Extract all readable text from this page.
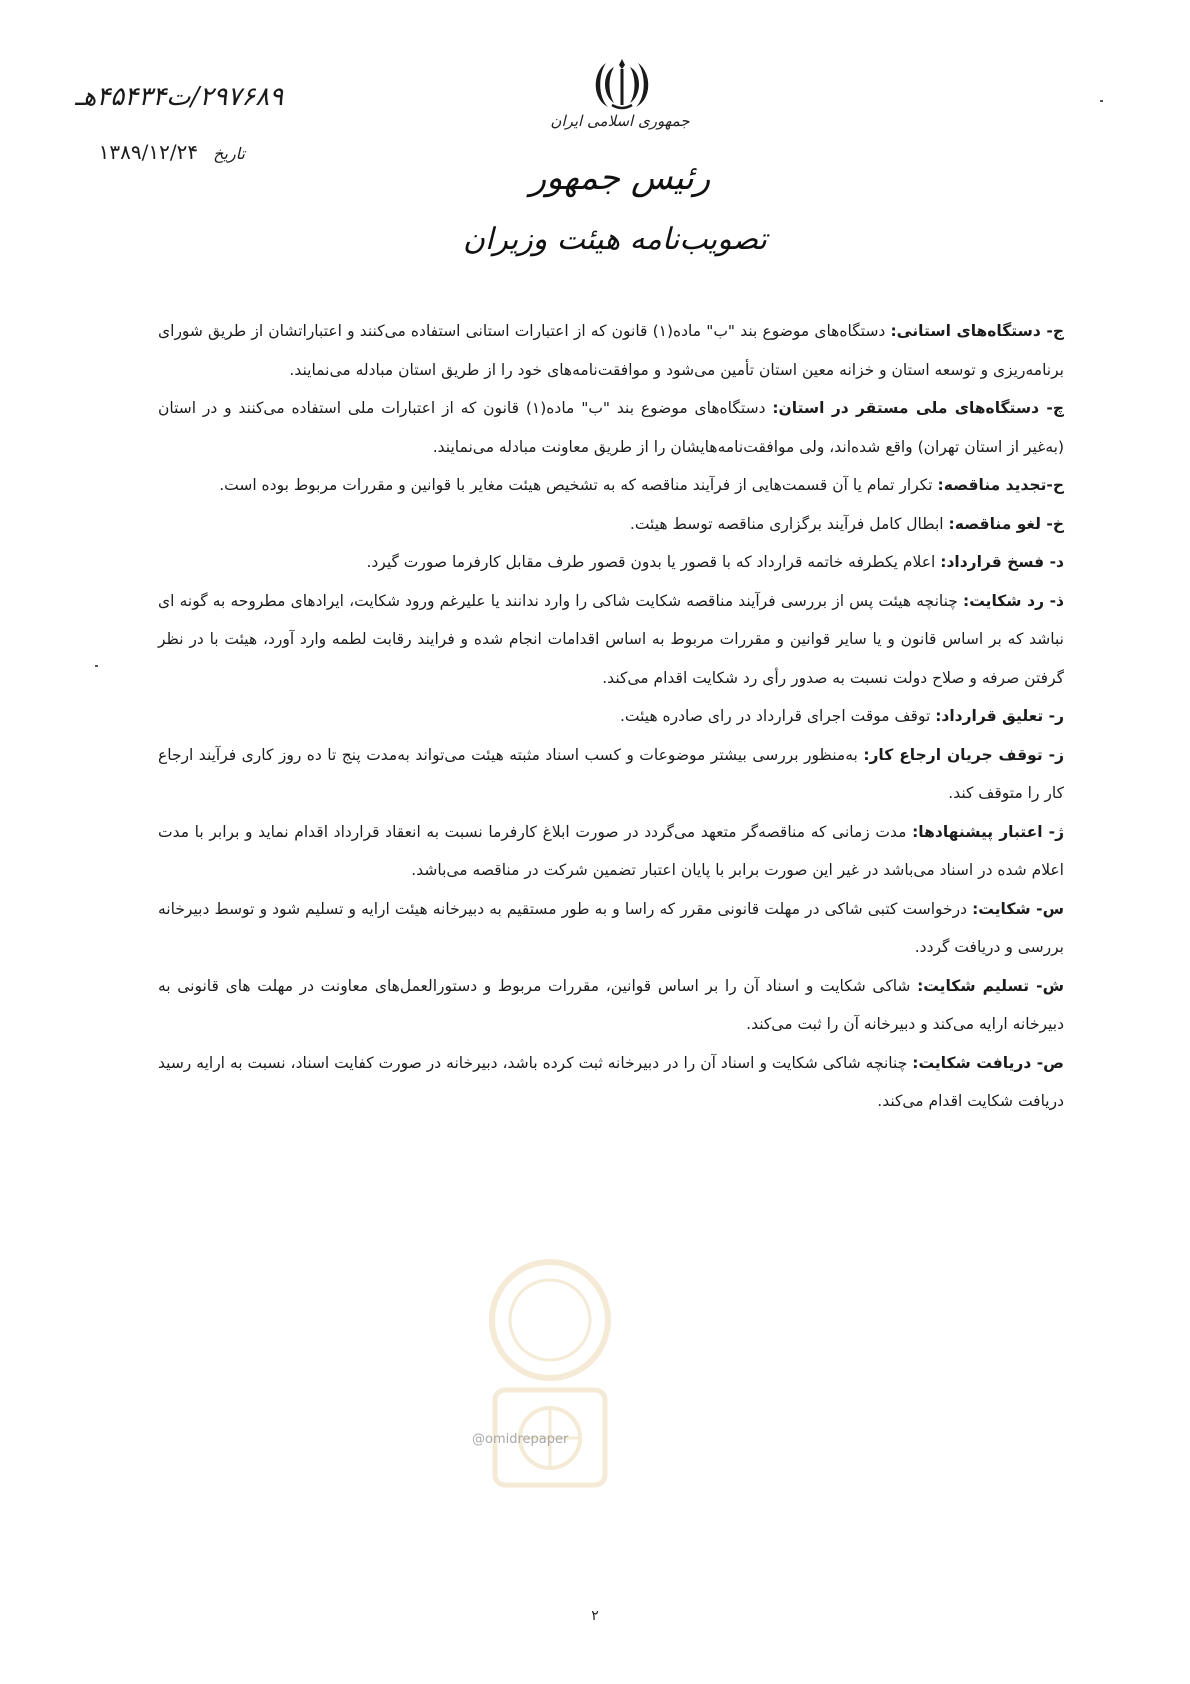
۲۹۷۶۸۹/ت۴۵۴۳۴هـ
تاریخ ۱۳۸۹/۱۲/۲۴
جمهوری اسلامی ایران
رئیس جمهور
تصویب‌نامه هیئت وزیران
@omidrepaper

ج- دستگاه‌های استانی: دستگاه‌های موضوع بند "ب" ماده(۱) قانون که از اعتبارات استانی استفاده می‌کنند و اعتباراتشان از طریق شورای برنامه‌ریزی و توسعه استان و خزانه معین استان تأمین می‌شود و موافقت‌نامه‌های خود را از طریق استان مبادله می‌نمایند.

چ- دستگاه‌های ملی مستقر در استان: دستگاه‌های موضوع بند "ب" ماده(۱) قانون که از اعتبارات ملی استفاده می‌کنند و در استان (به‌غیر از استان تهران) واقع شده‌اند، ولی موافقت‌نامه‌هایشان را از طریق معاونت مبادله می‌نمایند.

ح-تجدید مناقصه: تکرار تمام یا آن قسمت‌هایی از فرآیند مناقصه که به تشخیص هیئت مغایر با قوانین و مقررات مربوط بوده است.

خ- لغو مناقصه: ابطال کامل فرآیند برگزاری مناقصه توسط هیئت.

د- فسخ قرارداد: اعلام یکطرفه خاتمه قرارداد که با قصور یا بدون قصور طرف مقابل کارفرما صورت گیرد.

ذ- رد شکایت: چنانچه هیئت پس از بررسی فرآیند مناقصه شکایت شاکی را وارد ندانند یا علیرغم ورود شکایت، ایرادهای مطروحه به گونه ای نباشد که بر اساس قانون و یا سایر قوانین و مقررات مربوط به اساس اقدامات انجام شده و فرایند رقابت لطمه وارد آورد، هیئت با در نظر گرفتن صرفه و صلاح دولت نسبت به صدور رأی رد شکایت اقدام می‌کند.

ر- تعلیق قرارداد: توقف موقت اجرای قرارداد در رای صادره هیئت.

ز- توقف جریان ارجاع کار: به‌منظور بررسی بیشتر موضوعات و کسب اسناد مثبته هیئت می‌تواند به‌مدت پنج تا ده روز کاری فرآیند ارجاع کار را متوقف کند.

ژ- اعتبار پیشنهادها: مدت زمانی که مناقصه‌گر متعهد می‌گردد در صورت ابلاغ کارفرما نسبت به انعقاد قرارداد اقدام نماید و برابر با مدت اعلام شده در اسناد می‌باشد در غیر این صورت برابر با پایان اعتبار تضمین شرکت در مناقصه می‌باشد.

س- شکایت: درخواست کتبی شاکی در مهلت قانونی مقرر که راسا و به طور مستقیم به دبیرخانه هیئت ارایه و تسلیم شود و توسط دبیرخانه بررسی و دریافت گردد.

ش- تسلیم شکایت: شاکی شکایت و اسناد آن را بر اساس قوانین، مقررات مربوط و دستورالعمل‌های معاونت در مهلت های قانونی به دبیرخانه ارایه می‌کند و دبیرخانه آن را ثبت می‌کند.

ص- دریافت شکایت: چنانچه شاکی شکایت و اسناد آن را در دبیرخانه ثبت کرده باشد، دبیرخانه در صورت کفایت اسناد، نسبت به ارایه رسید دریافت شکایت اقدام می‌کند.

۲
